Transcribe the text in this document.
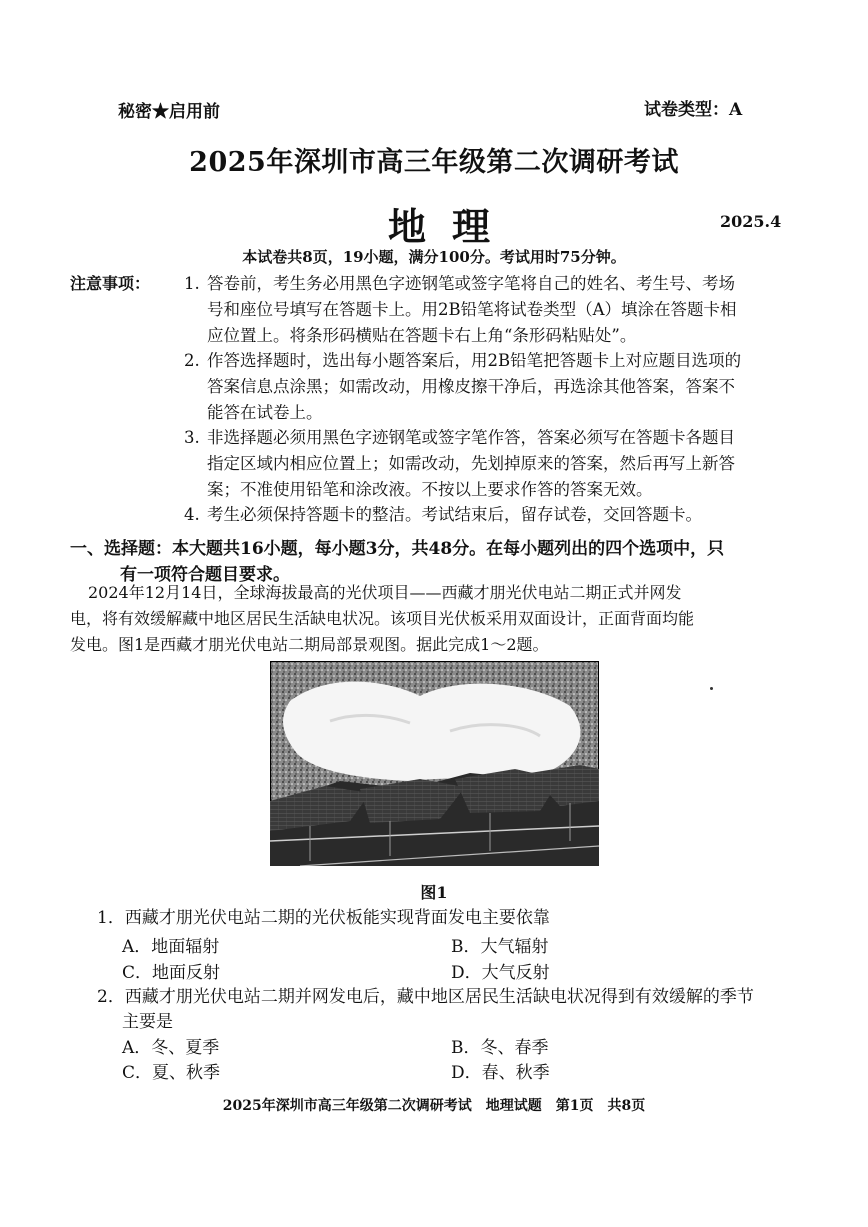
秘密★启用前	试卷类型：A
2025年深圳市高三年级第二次调研考试
地理	2025.4
本试卷共8页，19小题，满分100分。考试用时75分钟。
注意事项： 1. 答卷前，考生务必用黑色字迹钢笔或签字笔将自己的姓名、考生号、考场
号和座位号填写在答题卡上。用2B铅笔将试卷类型（A）填涂在答题卡相
应位置上。将条形码横贴在答题卡右上角“条形码粘贴处”。
2. 作答选择题时，选出每小题答案后，用2B铅笔把答题卡上对应题目选项的
答案信息点涂黑；如需改动，用橡皮擦干净后，再选涂其他答案，答案不
能答在试卷上。
3. 非选择题必须用黑色字迹钢笔或签字笔作答，答案必须写在答题卡各题目
指定区域内相应位置上；如需改动，先划掉原来的答案，然后再写上新答
案；不准使用铅笔和涂改液。不按以上要求作答的答案无效。
4. 考生必须保持答题卡的整洁。考试结束后，留存试卷，交回答题卡。
一、选择题：本大题共16小题，每小题3分，共48分。在每小题列出的四个选项中，只
有一项符合题目要求。
2024年12月14日，全球海拔最高的光伏项目——西藏才朋光伏电站二期正式并网发
电，将有效缓解藏中地区居民生活缺电状况。该项目光伏板采用双面设计，正面背面均能
发电。图1是西藏才朋光伏电站二期局部景观图。据此完成1～2题。
图1
1．西藏才朋光伏电站二期的光伏板能实现背面发电主要依靠
A．地面辐射	B．大气辐射
C．地面反射	D．大气反射
2．西藏才朋光伏电站二期并网发电后，藏中地区居民生活缺电状况得到有效缓解的季节
主要是
A．冬、夏季	B．冬、春季
C．夏、秋季	D．春、秋季
2025年深圳市高三年级第二次调研考试　地理试题　第1页　共8页
